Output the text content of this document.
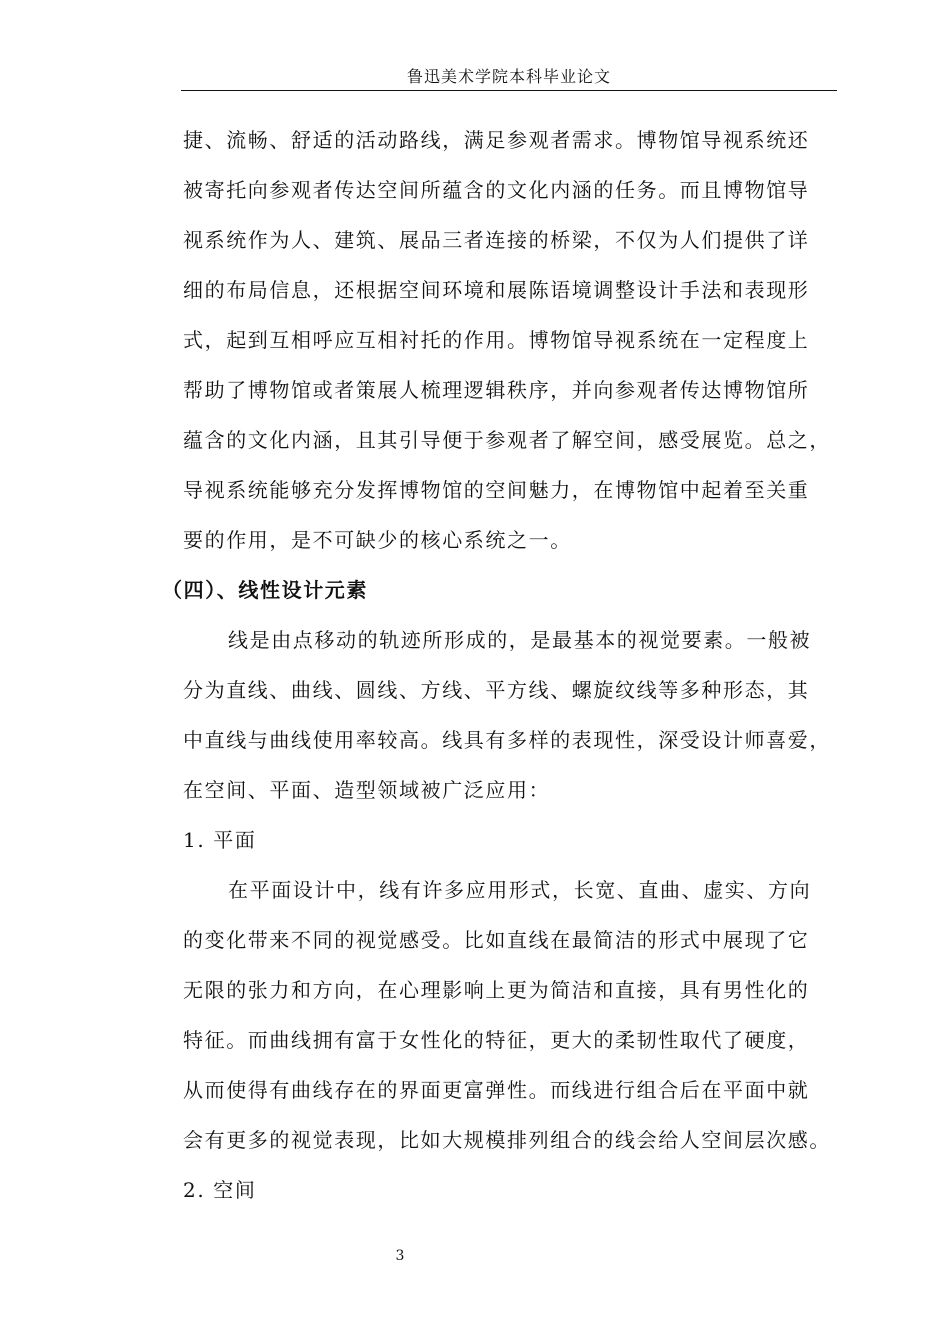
鲁迅美术学院本科毕业论文
捷、流畅、舒适的活动路线，满足参观者需求。博物馆导视系统还
被寄托向参观者传达空间所蕴含的文化内涵的任务。而且博物馆导
视系统作为人、建筑、展品三者连接的桥梁，不仅为人们提供了详
细的布局信息，还根据空间环境和展陈语境调整设计手法和表现形
式，起到互相呼应互相衬托的作用。博物馆导视系统在一定程度上
帮助了博物馆或者策展人梳理逻辑秩序，并向参观者传达博物馆所
蕴含的文化内涵，且其引导便于参观者了解空间，感受展览。总之，
导视系统能够充分发挥博物馆的空间魅力，在博物馆中起着至关重
要的作用，是不可缺少的核心系统之一。
（四）、线性设计元素
线是由点移动的轨迹所形成的，是最基本的视觉要素。一般被
分为直线、曲线、圆线、方线、平方线、螺旋纹线等多种形态，其
中直线与曲线使用率较高。线具有多样的表现性，深受设计师喜爱，
在空间、平面、造型领域被广泛应用：
1. 平面
在平面设计中，线有许多应用形式，长宽、直曲、虚实、方向
的变化带来不同的视觉感受。比如直线在最简洁的形式中展现了它
无限的张力和方向，在心理影响上更为简洁和直接，具有男性化的
特征。而曲线拥有富于女性化的特征，更大的柔韧性取代了硬度，
从而使得有曲线存在的界面更富弹性。而线进行组合后在平面中就
会有更多的视觉表现，比如大规模排列组合的线会给人空间层次感。
2. 空间
3
